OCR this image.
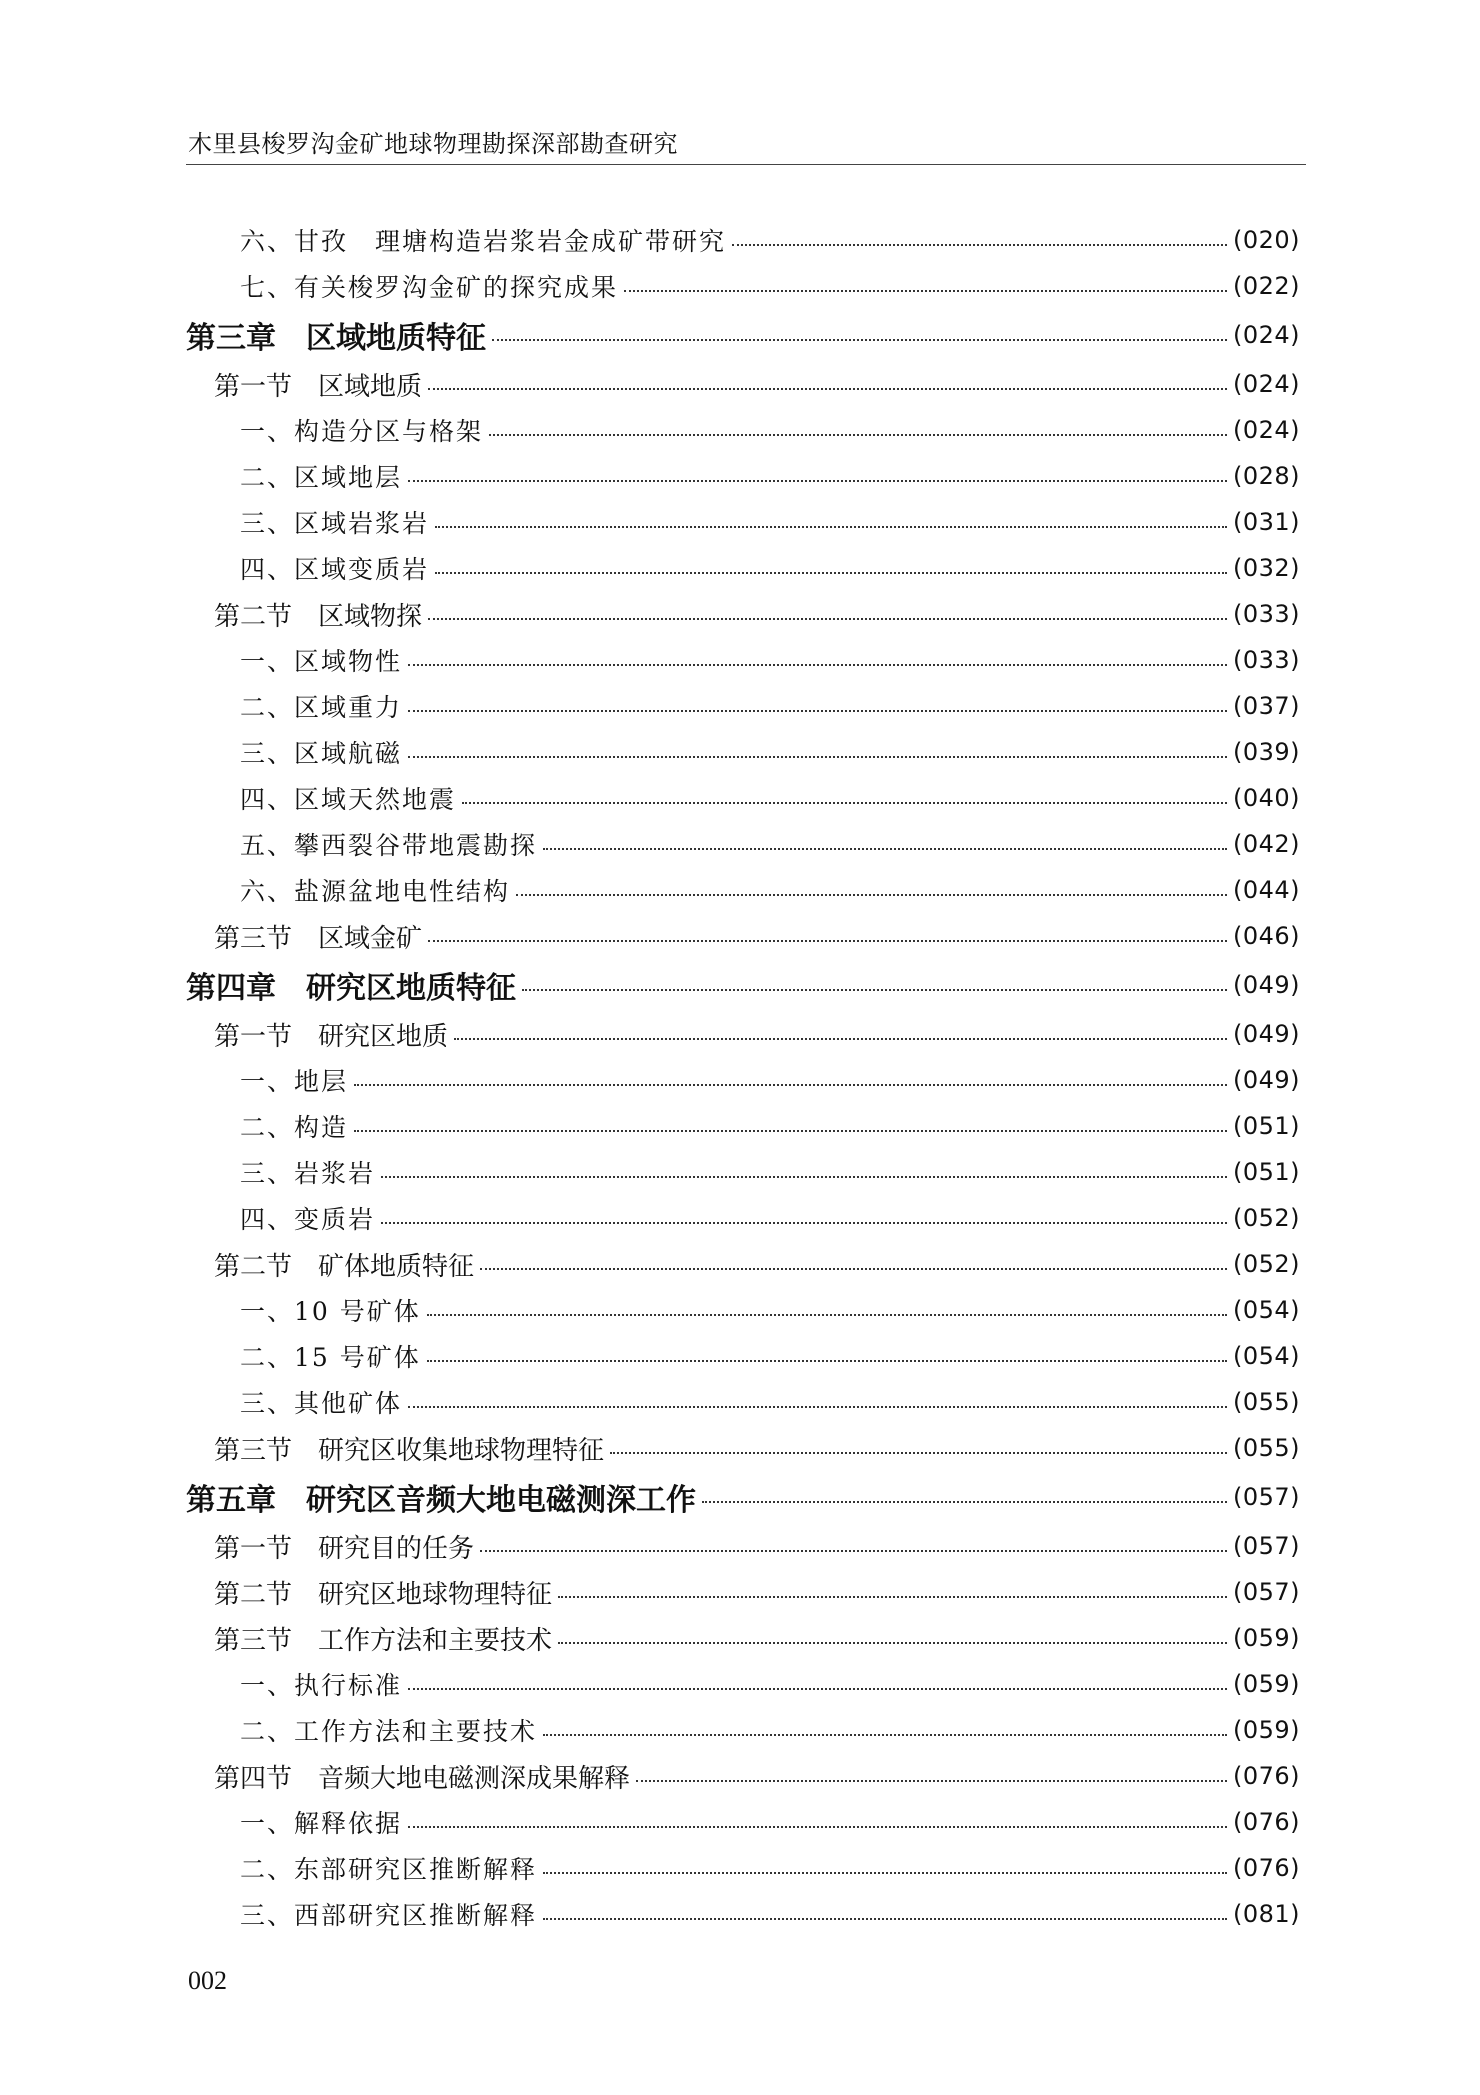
木里县梭罗沟金矿地球物理勘探深部勘查研究
六、甘孜　理塘构造岩浆岩金成矿带研究	(020)
七、有关梭罗沟金矿的探究成果	(022)
第三章　区域地质特征	(024)
第一节　区域地质	(024)
一、构造分区与格架	(024)
二、区域地层	(028)
三、区域岩浆岩	(031)
四、区域变质岩	(032)
第二节　区域物探	(033)
一、区域物性	(033)
二、区域重力	(037)
三、区域航磁	(039)
四、区域天然地震	(040)
五、攀西裂谷带地震勘探	(042)
六、盐源盆地电性结构	(044)
第三节　区域金矿	(046)
第四章　研究区地质特征	(049)
第一节　研究区地质	(049)
一、地层	(049)
二、构造	(051)
三、岩浆岩	(051)
四、变质岩	(052)
第二节　矿体地质特征	(052)
一、10 号矿体	(054)
二、15 号矿体	(054)
三、其他矿体	(055)
第三节　研究区收集地球物理特征	(055)
第五章　研究区音频大地电磁测深工作	(057)
第一节　研究目的任务	(057)
第二节　研究区地球物理特征	(057)
第三节　工作方法和主要技术	(059)
一、执行标准	(059)
二、工作方法和主要技术	(059)
第四节　音频大地电磁测深成果解释	(076)
一、解释依据	(076)
二、东部研究区推断解释	(076)
三、西部研究区推断解释	(081)
002
